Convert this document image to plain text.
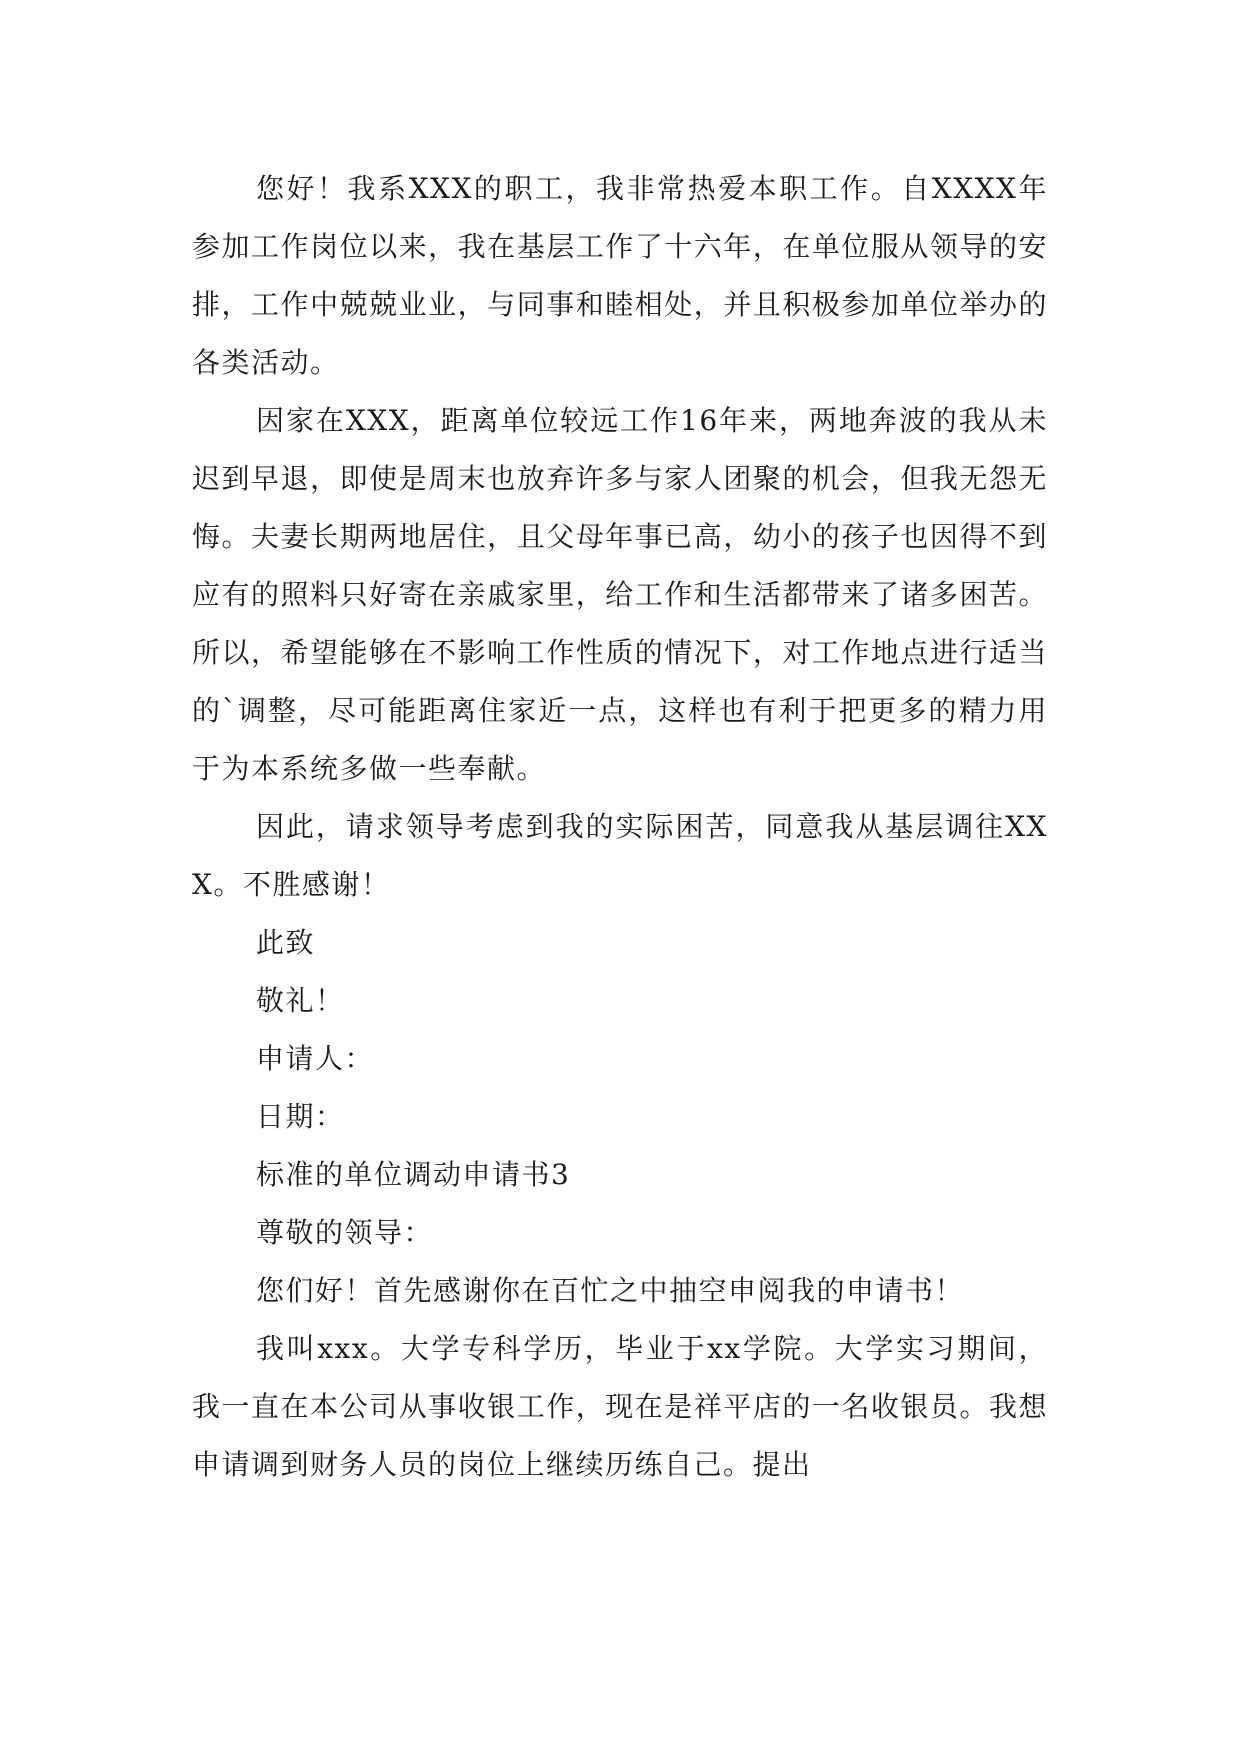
您好！我系XXX的职工，我非常热爱本职工作。自XXXX年参加工作岗位以来，我在基层工作了十六年，在单位服从领导的安排，工作中兢兢业业，与同事和睦相处，并且积极参加单位举办的各类活动。

因家在XXX，距离单位较远工作16年来，两地奔波的我从未迟到早退，即使是周末也放弃许多与家人团聚的机会，但我无怨无悔。夫妻长期两地居住，且父母年事已高，幼小的孩子也因得不到应有的照料只好寄在亲戚家里，给工作和生活都带来了诸多困苦。所以，希望能够在不影响工作性质的情况下，对工作地点进行适当的`调整，尽可能距离住家近一点，这样也有利于把更多的精力用于为本系统多做一些奉献。

因此，请求领导考虑到我的实际困苦，同意我从基层调往XXX。不胜感谢！

此致

敬礼！

申请人：

日期：

标准的单位调动申请书3

尊敬的领导：

您们好！首先感谢你在百忙之中抽空申阅我的申请书！

我叫xxx。大学专科学历，毕业于xx学院。大学实习期间，我一直在本公司从事收银工作，现在是祥平店的一名收银员。我想申请调到财务人员的岗位上继续历练自己。提出
